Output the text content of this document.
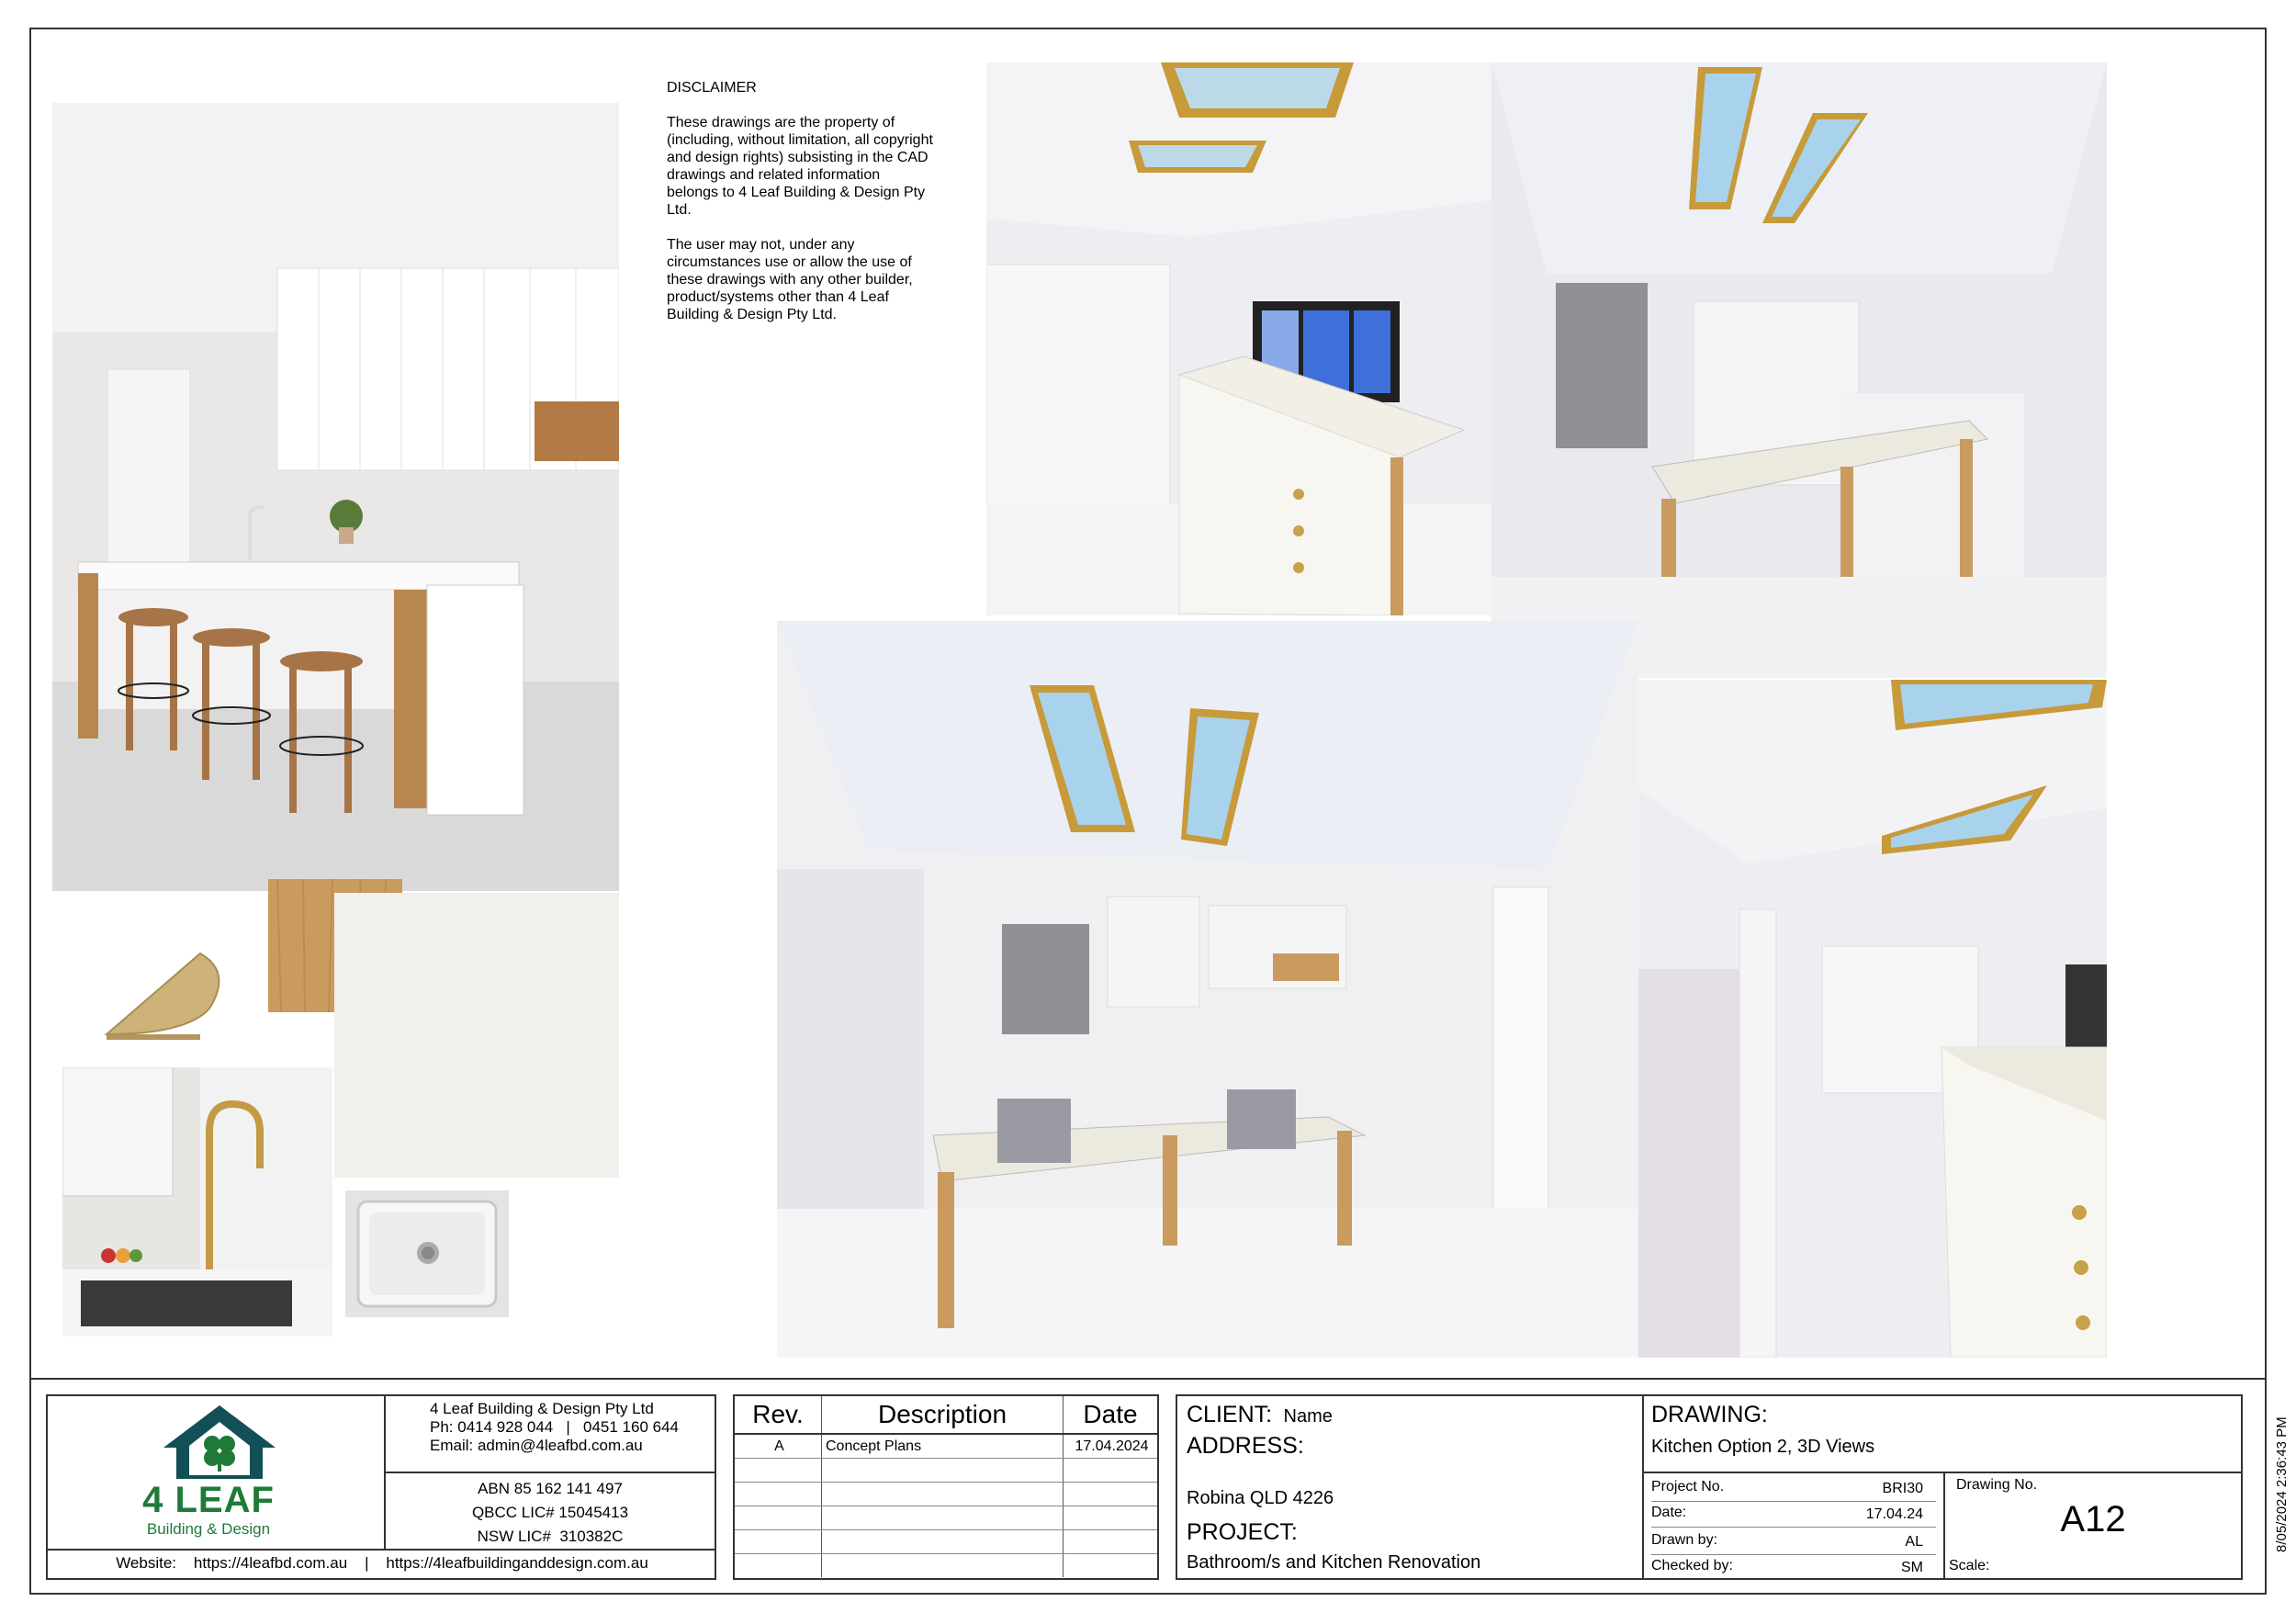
DISCLAIMER

These drawings are the property of (including, without limitation, all copyright and design rights) subsisting in the CAD drawings and related information belongs to 4 Leaf Building & Design Pty Ltd.

The user may not, under any circumstances use or allow the use of these drawings with any other builder, product/systems other than 4 Leaf Building & Design Pty Ltd.

4 LEAF
Building & Design
4 Leaf Building & Design Pty Ltd
Ph: 0414 928 044   |   0451 160 644
Email: admin@4leafbd.com.au
ABN 85 162 141 497
QBCC LIC# 15045413
NSW LIC#  310382C
Website:    https://4leafbd.com.au    |    https://4leafbuildinganddesign.com.au
Rev.	Description	Date
A	Concept Plans	17.04.2024

CLIENT: Name
ADDRESS:
Robina QLD 4226
PROJECT:
Bathroom/s and Kitchen Renovation
DRAWING:
Kitchen Option 2, 3D Views
Project No.	BRI30
Date:	17.04.24
Drawn by:	AL
Checked by:	SM
Drawing No.
A12
Scale:
8/05/2024 2:36:43 PM
